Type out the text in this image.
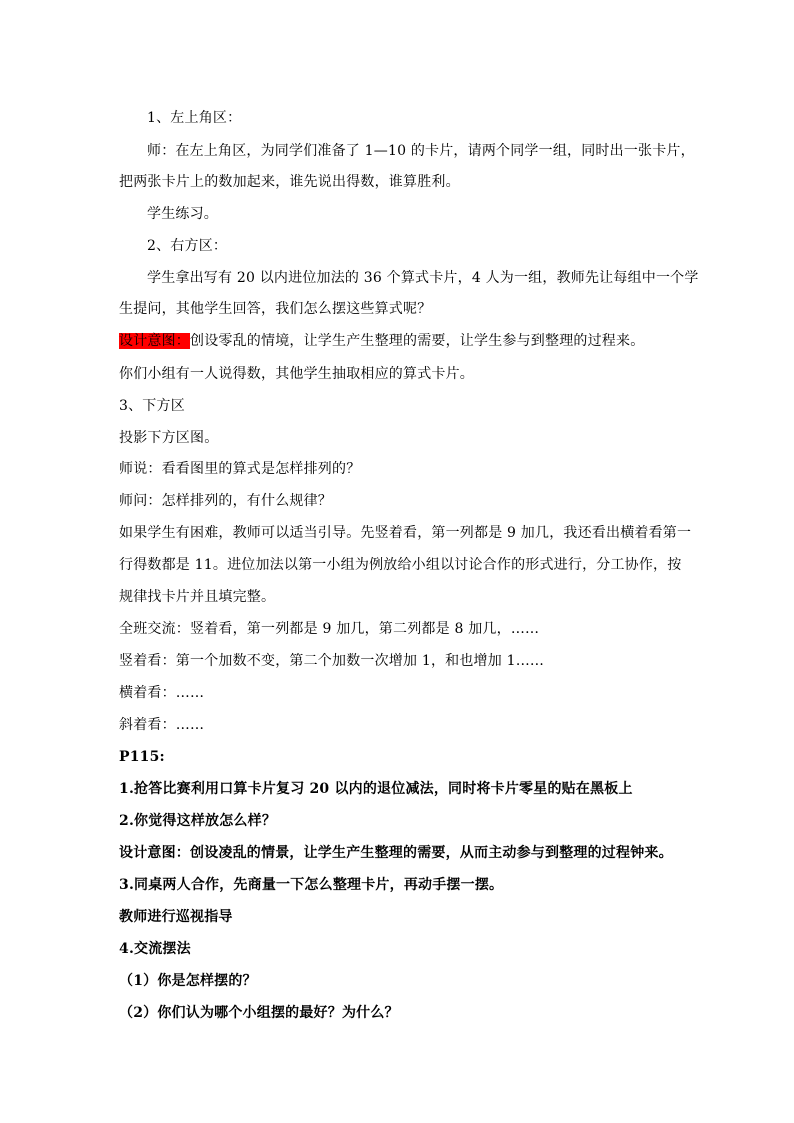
1、左上角区：
师：在左上角区，为同学们准备了 1—10 的卡片，请两个同学一组，同时出一张卡片，
把两张卡片上的数加起来，谁先说出得数，谁算胜利。
学生练习。
2、右方区：
学生拿出写有 20 以内进位加法的 36 个算式卡片，4 人为一组，教师先让每组中一个学
生提问，其他学生回答，我们怎么摆这些算式呢？
设计意图：创设零乱的情境，让学生产生整理的需要，让学生参与到整理的过程来。
你们小组有一人说得数，其他学生抽取相应的算式卡片。
3、下方区
投影下方区图。
师说：看看图里的算式是怎样排列的？
师问：怎样排列的，有什么规律？
如果学生有困难，教师可以适当引导。先竖着看，第一列都是 9 加几，我还看出横着看第一
行得数都是 11。进位加法以第一小组为例放给小组以讨论合作的形式进行，分工协作，按
规律找卡片并且填完整。
全班交流：竖着看，第一列都是 9 加几，第二列都是 8 加几，……
竖着看：第一个加数不变，第二个加数一次增加 1，和也增加 1……
横着看：……
斜着看：……
P115:
1.抢答比赛利用口算卡片复习 20 以内的退位减法，同时将卡片零星的贴在黑板上
2.你觉得这样放怎么样？
设计意图：创设凌乱的情景，让学生产生整理的需要，从而主动参与到整理的过程钟来。
3.同桌两人合作，先商量一下怎么整理卡片，再动手摆一摆。
教师进行巡视指导
4.交流摆法
（1）你是怎样摆的？
（2）你们认为哪个小组摆的最好？为什么？
